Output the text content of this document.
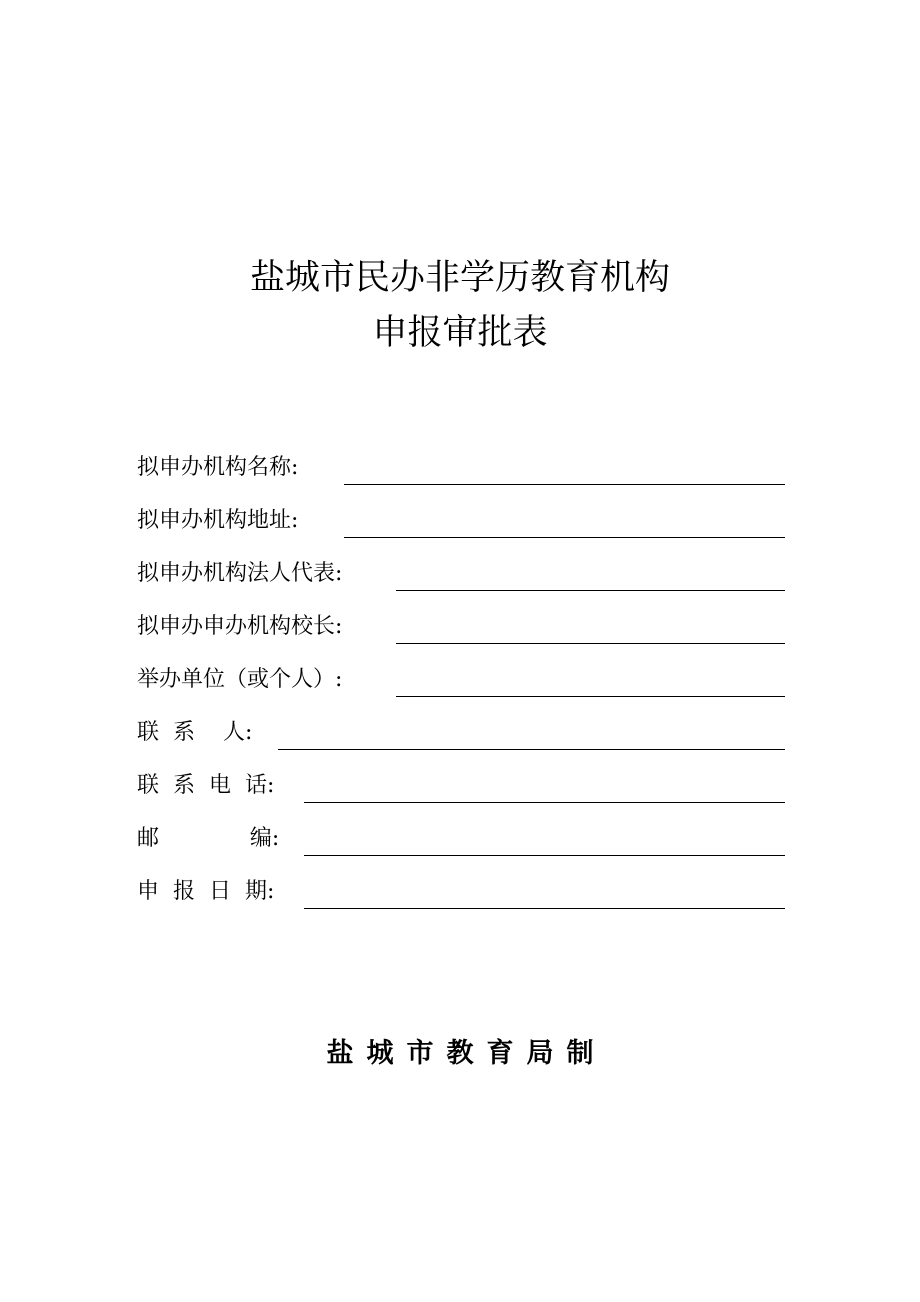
盐城市民办非学历教育机构
申报审批表
拟申办机构名称:
拟申办机构地址:
拟申办机构法人代表:
拟申办申办机构校长:
举办单位（或个人）:
联  系    人:
联  系  电  话:
邮             编:
申  报  日  期:
盐城市教育局制
